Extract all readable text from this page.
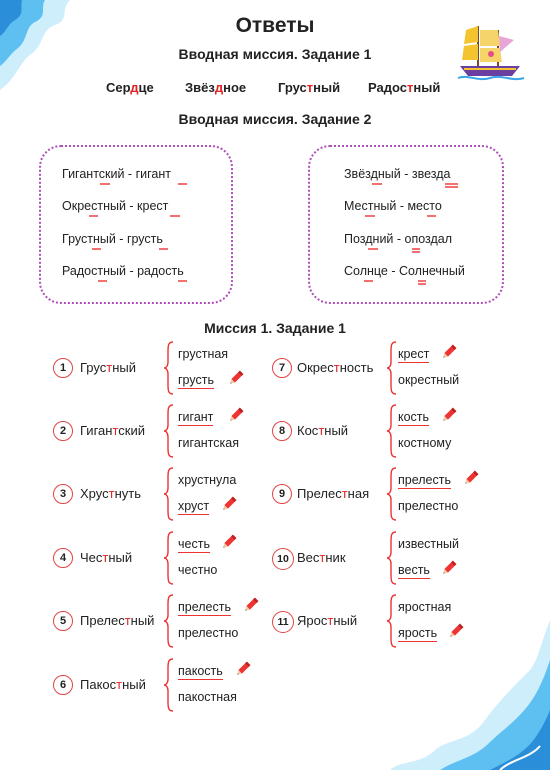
Ответы
Вводная миссия. Задание 1
Сердце Звёздное Грустный Радостный
Вводная миссия. Задание 2
Гигантский - гигант
Окрестный - крест
Грустный - грусть
Радостный - радость
Звёздный - звезда
Местный - место
Поздний - опоздал
Солнце - Солнечный
Миссия 1. Задание 1
1	Грустный
грустная
грусть
2	Гигантский
гигант
гигантская
3	Хрустнуть
хрустнула
хруст
4	Честный
честь
честно
5	Прелестный
прелесть
прелестно
6	Пакостный
пакость
пакостная
7 Окрестность
крест
окрестный
8 Костный
кость
костному
9 Прелестная
прелесть
прелестно
10 Вестник
известный
весть
11 Яростный
яростная
ярость
